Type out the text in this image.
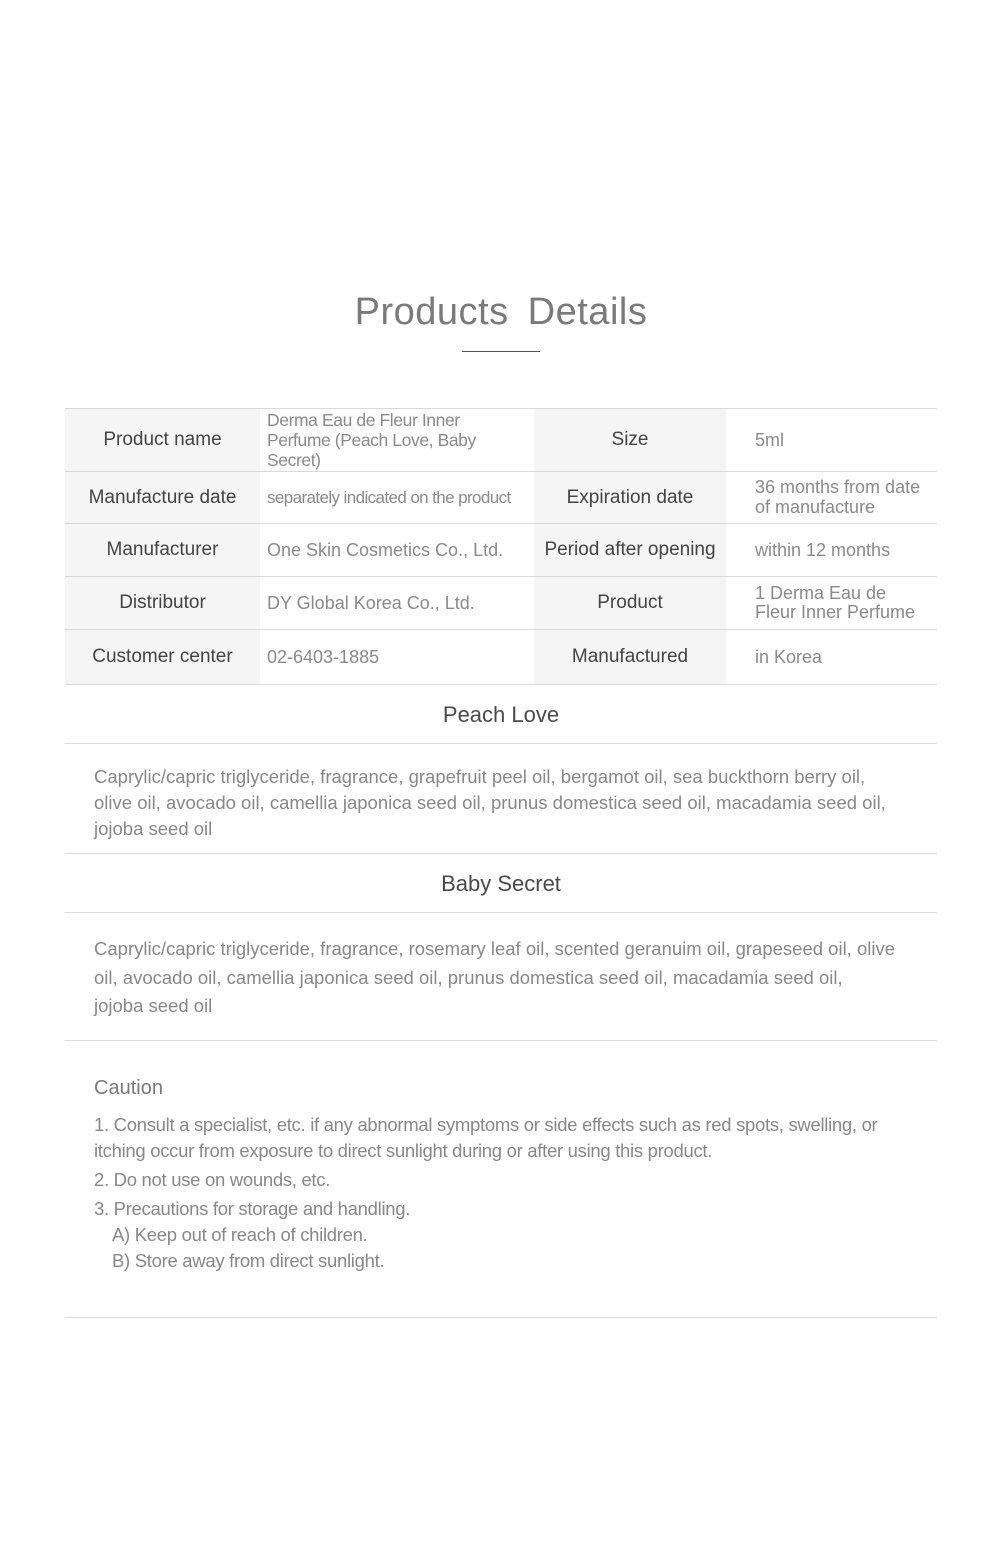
Products Details
Product name	Derma Eau de Fleur Inner Perfume (Peach Love, Baby Secret)	Size	5ml
Manufacture date	separately indicated on the product	Expiration date	36 months from date of manufacture
Manufacturer	One Skin Cosmetics Co., Ltd.	Period after opening	within 12 months
Distributor	DY Global Korea Co., Ltd.	Product	1 Derma Eau de Fleur Inner Perfume
Customer center	02-6403-1885	Manufactured	in Korea
Peach Love
Caprylic/capric triglyceride, fragrance, grapefruit peel oil, bergamot oil, sea buckthorn berry oil, olive oil, avocado oil, camellia japonica seed oil, prunus domestica seed oil, macadamia seed oil, jojoba seed oil
Baby Secret
Caprylic/capric triglyceride, fragrance, rosemary leaf oil, scented geranuim oil, grapeseed oil, olive oil, avocado oil, camellia japonica seed oil, prunus domestica seed oil, macadamia seed oil, jojoba seed oil
Caution
1. Consult a specialist, etc. if any abnormal symptoms or side effects such as red spots, swelling, or itching occur from exposure to direct sunlight during or after using this product.
2. Do not use on wounds, etc.
3. Precautions for storage and handling.
A) Keep out of reach of children.
B) Store away from direct sunlight.
